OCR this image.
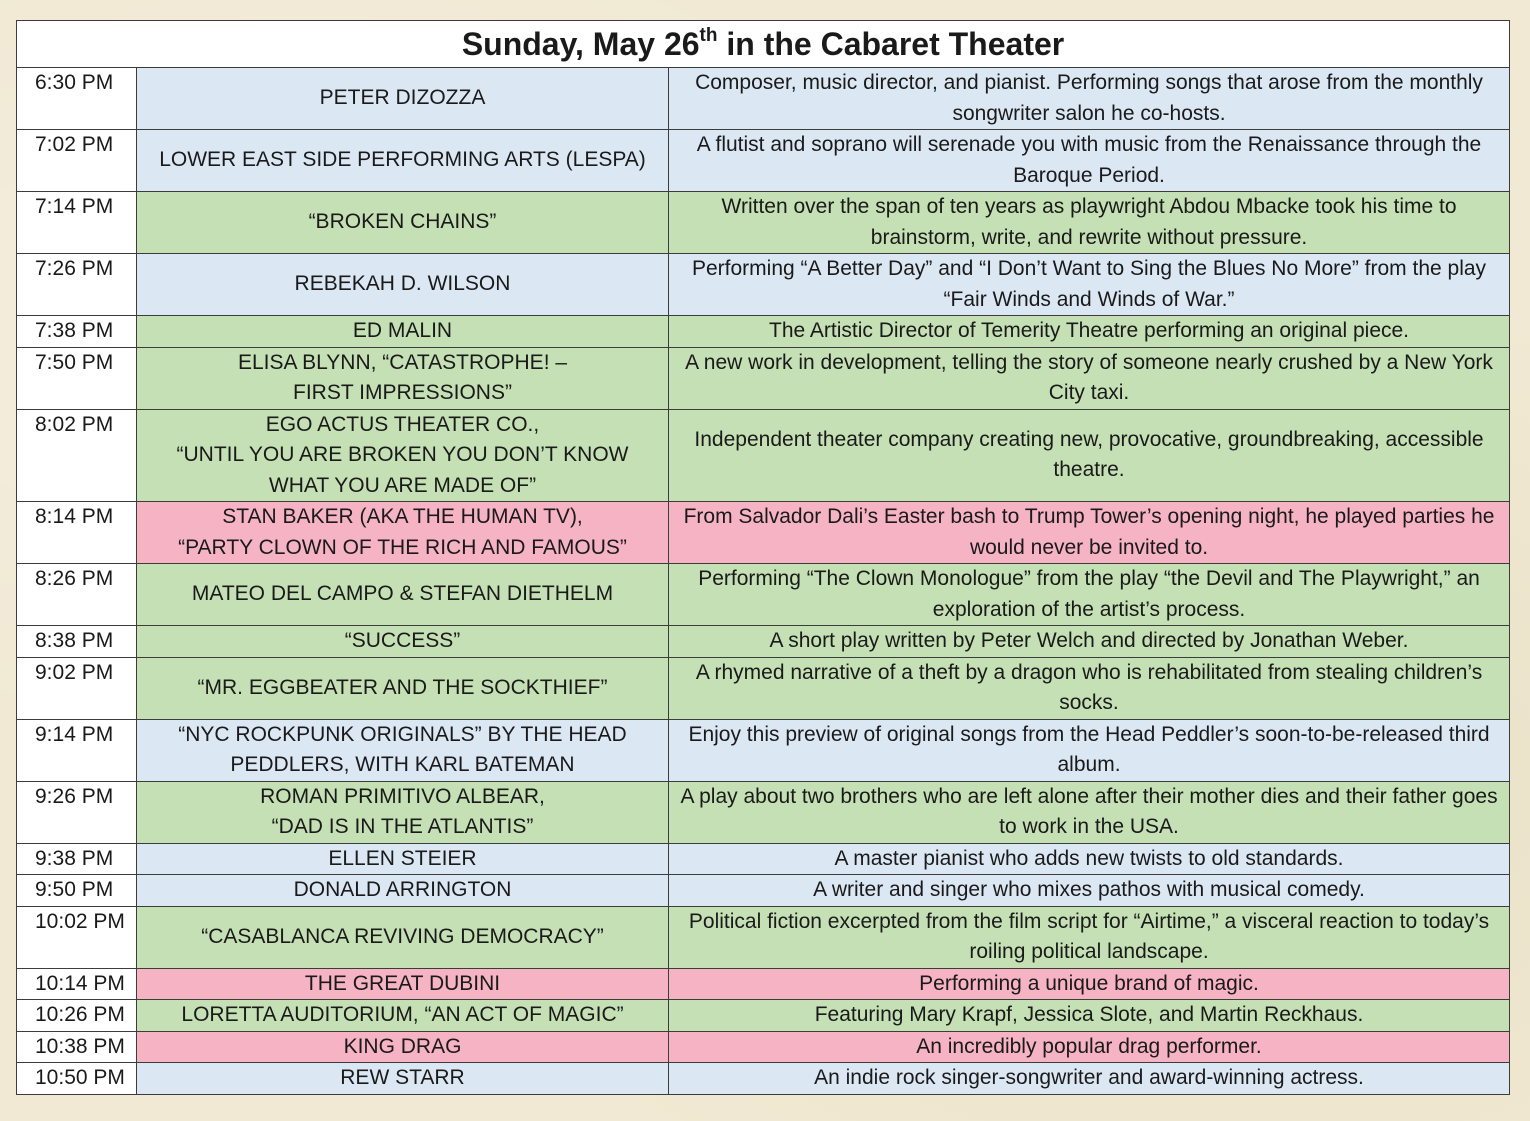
Sunday, May 26th in the Cabaret Theater		
6:30 PM	PETER DIZOZZA	Composer, music director, and pianist. Performing songs that arose from the monthly songwriter salon he co-hosts.
7:02 PM	LOWER EAST SIDE PERFORMING ARTS (LESPA)	A flutist and soprano will serenade you with music from the Renaissance through the Baroque Period.
7:14 PM	“BROKEN CHAINS”	Written over the span of ten years as playwright Abdou Mbacke took his time to brainstorm, write, and rewrite without pressure.
7:26 PM	REBEKAH D. WILSON	Performing “A Better Day” and “I Don’t Want to Sing the Blues No More” from the play “Fair Winds and Winds of War.”
7:38 PM	ED MALIN	The Artistic Director of Temerity Theatre performing an original piece.
7:50 PM	ELISA BLYNN, “CATASTROPHE! –
FIRST IMPRESSIONS”	A new work in development, telling the story of someone nearly crushed by a New York City taxi.
8:02 PM	EGO ACTUS THEATER CO.,
“UNTIL YOU ARE BROKEN YOU DON’T KNOW
WHAT YOU ARE MADE OF”	Independent theater company creating new, provocative, groundbreaking, accessible theatre.
8:14 PM	STAN BAKER (AKA THE HUMAN TV),
“PARTY CLOWN OF THE RICH AND FAMOUS”	From Salvador Dali’s Easter bash to Trump Tower’s opening night, he played parties he would never be invited to.
8:26 PM	MATEO DEL CAMPO & STEFAN DIETHELM	Performing “The Clown Monologue” from the play “the Devil and The Playwright,” an exploration of the artist’s process.
8:38 PM	“SUCCESS”	A short play written by Peter Welch and directed by Jonathan Weber.
9:02 PM	“MR. EGGBEATER AND THE SOCKTHIEF”	A rhymed narrative of a theft by a dragon who is rehabilitated from stealing children’s socks.
9:14 PM	“NYC ROCKPUNK ORIGINALS” BY THE HEAD
PEDDLERS, WITH KARL BATEMAN	Enjoy this preview of original songs from the Head Peddler’s soon-to-be-released third album.
9:26 PM	ROMAN PRIMITIVO ALBEAR,
“DAD IS IN THE ATLANTIS”	A play about two brothers who are left alone after their mother dies and their father goes to work in the USA.
9:38 PM	ELLEN STEIER	A master pianist who adds new twists to old standards.
9:50 PM	DONALD ARRINGTON	A writer and singer who mixes pathos with musical comedy.
10:02 PM	“CASABLANCA REVIVING DEMOCRACY”	Political fiction excerpted from the film script for “Airtime,” a visceral reaction to today’s roiling political landscape.
10:14 PM	THE GREAT DUBINI	Performing a unique brand of magic.
10:26 PM	LORETTA AUDITORIUM, “AN ACT OF MAGIC”	Featuring Mary Krapf, Jessica Slote, and Martin Reckhaus.
10:38 PM	KING DRAG	An incredibly popular drag performer.
10:50 PM	REW STARR	An indie rock singer-songwriter and award-winning actress.
